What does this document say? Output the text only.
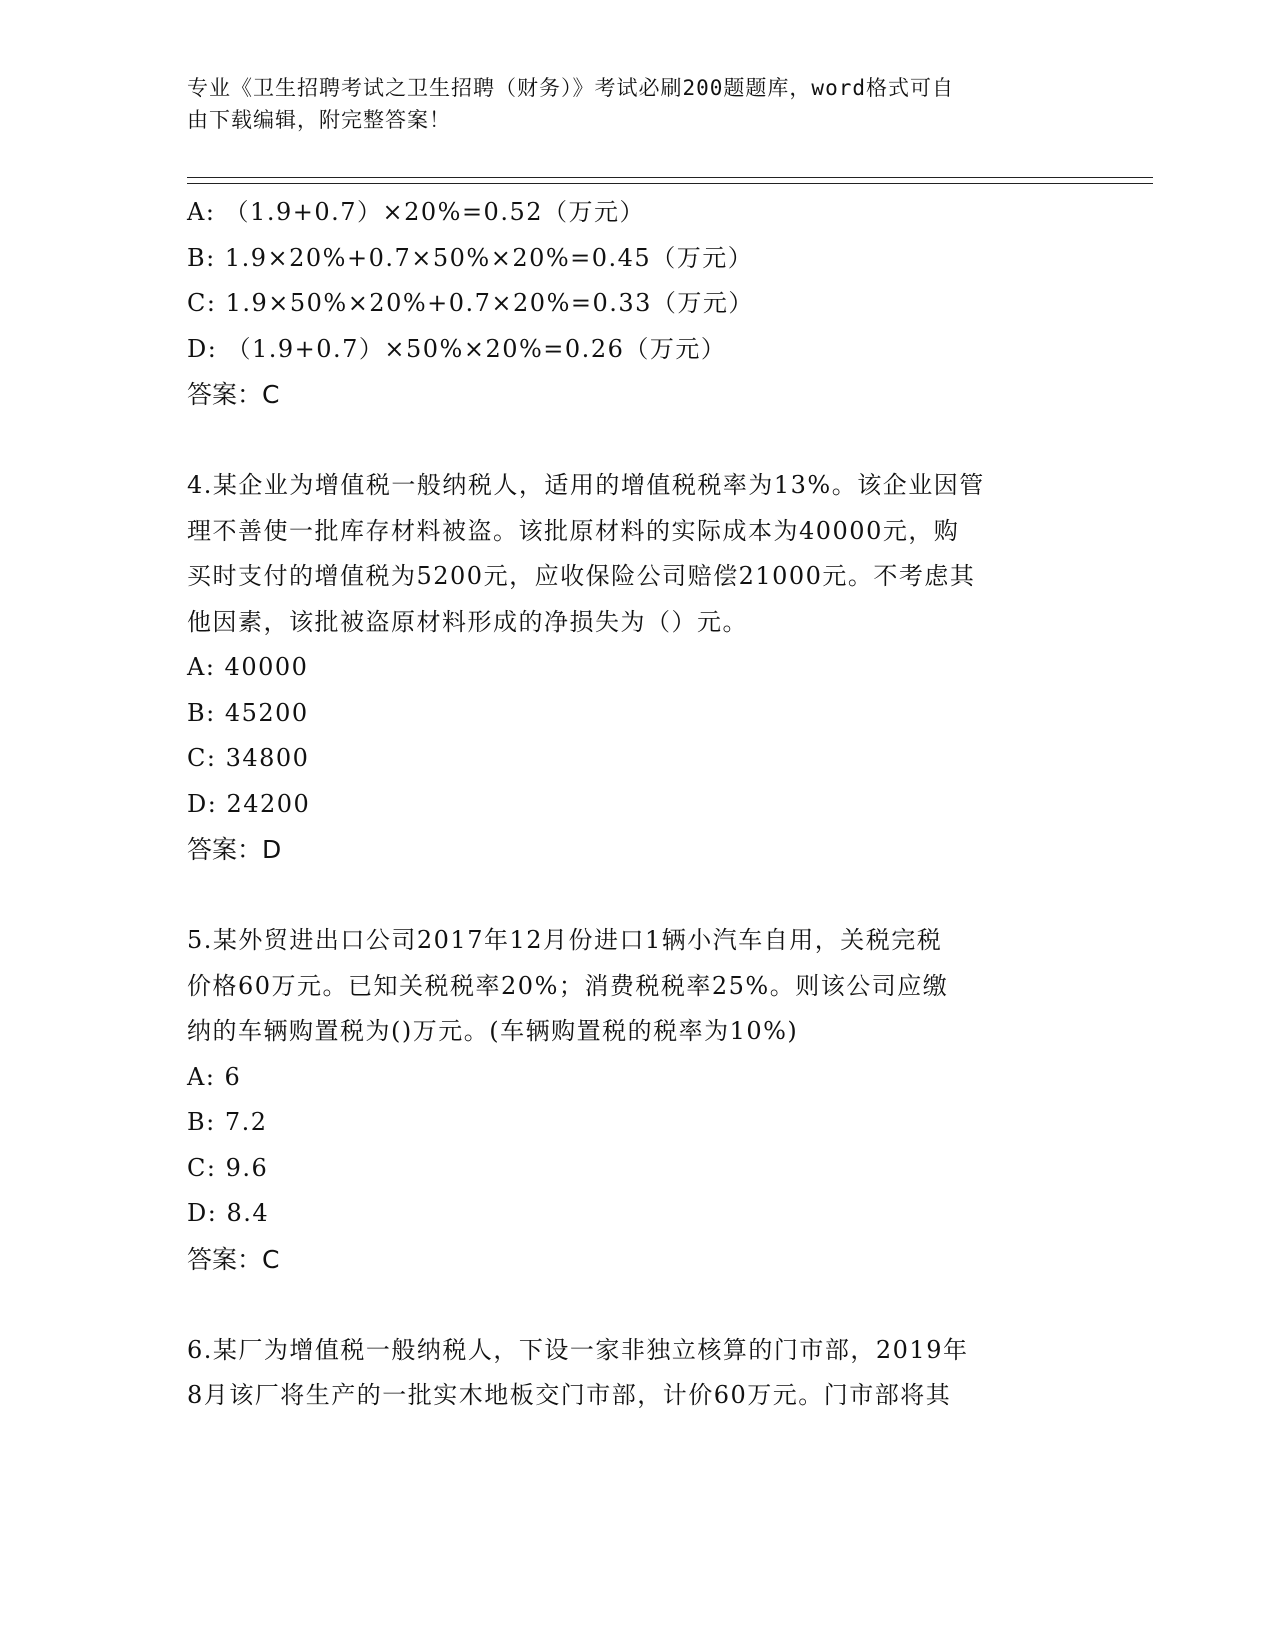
专业《卫生招聘考试之卫生招聘（财务）》考试必刷200题题库，word格式可自
由下载编辑，附完整答案！
A: （1.9+0.7）×20%=0.52（万元）
B: 1.9×20%+0.7×50%×20%=0.45（万元）
C: 1.9×50%×20%+0.7×20%=0.33（万元）
D: （1.9+0.7）×50%×20%=0.26（万元）
答案：C
4.某企业为增值税一般纳税人，适用的增值税税率为13%。该企业因管
理不善使一批库存材料被盗。该批原材料的实际成本为40000元，购
买时支付的增值税为5200元，应收保险公司赔偿21000元。不考虑其
他因素，该批被盗原材料形成的净损失为（）元。
A: 40000
B: 45200
C: 34800
D: 24200
答案：D
5.某外贸进出口公司2017年12月份进口1辆小汽车自用，关税完税
价格60万元。已知关税税率20%；消费税税率25%。则该公司应缴
纳的车辆购置税为()万元。(车辆购置税的税率为10%)
A: 6
B: 7.2
C: 9.6
D: 8.4
答案：C
6.某厂为增值税一般纳税人，下设一家非独立核算的门市部，2019年
8月该厂将生产的一批实木地板交门市部，计价60万元。门市部将其
